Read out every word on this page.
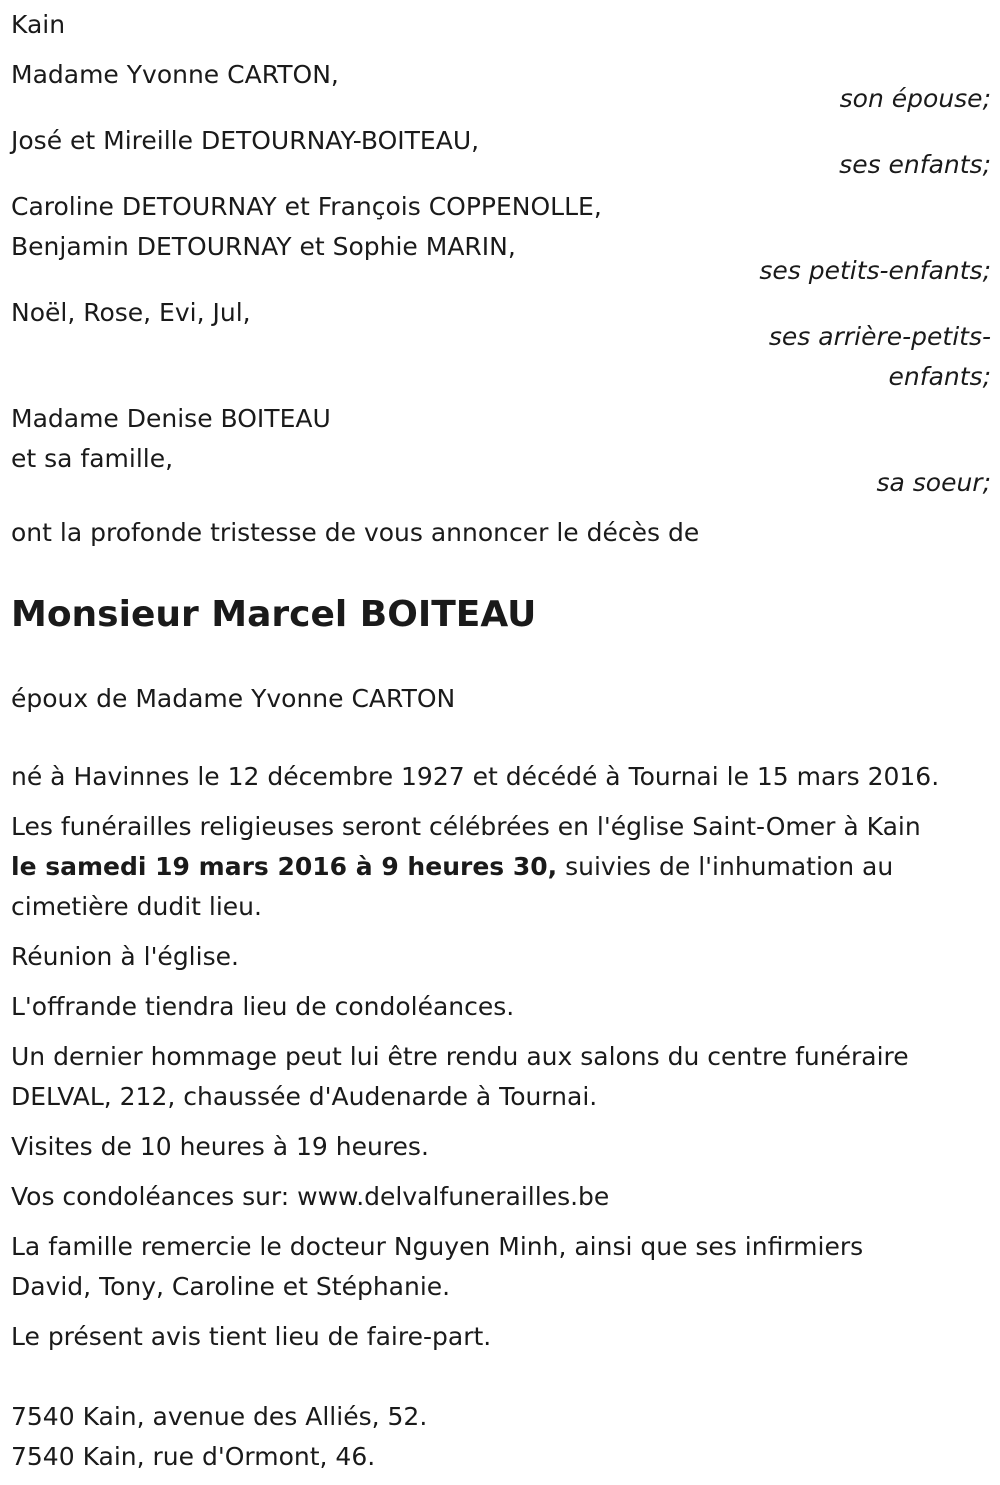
Kain

Madame Yvonne CARTON,

son épouse;

José et Mireille DETOURNAY-BOITEAU,

ses enfants;

Caroline DETOURNAY et François COPPENOLLE,

Benjamin DETOURNAY et Sophie MARIN,

ses petits-enfants;

Noël, Rose, Evi, Jul,

ses arrière-petits-

enfants;

Madame Denise BOITEAU

et sa famille,

sa soeur;

ont la profonde tristesse de vous annoncer le décès de

Monsieur Marcel BOITEAU

époux de Madame Yvonne CARTON

né à Havinnes le 12 décembre 1927 et décédé à Tournai le 15 mars 2016.

Les funérailles religieuses seront célébrées en l'église Saint-Omer à Kain

le samedi 19 mars 2016 à 9 heures 30, suivies de l'inhumation au

cimetière dudit lieu.

Réunion à l'église.

L'offrande tiendra lieu de condoléances.

Un dernier hommage peut lui être rendu aux salons du centre funéraire

DELVAL, 212, chaussée d'Audenarde à Tournai.

Visites de 10 heures à 19 heures.

Vos condoléances sur: www.delvalfunerailles.be

La famille remercie le docteur Nguyen Minh, ainsi que ses infirmiers

David, Tony, Caroline et Stéphanie.

Le présent avis tient lieu de faire-part.

7540 Kain, avenue des Alliés, 52.

7540 Kain, rue d'Ormont, 46.
